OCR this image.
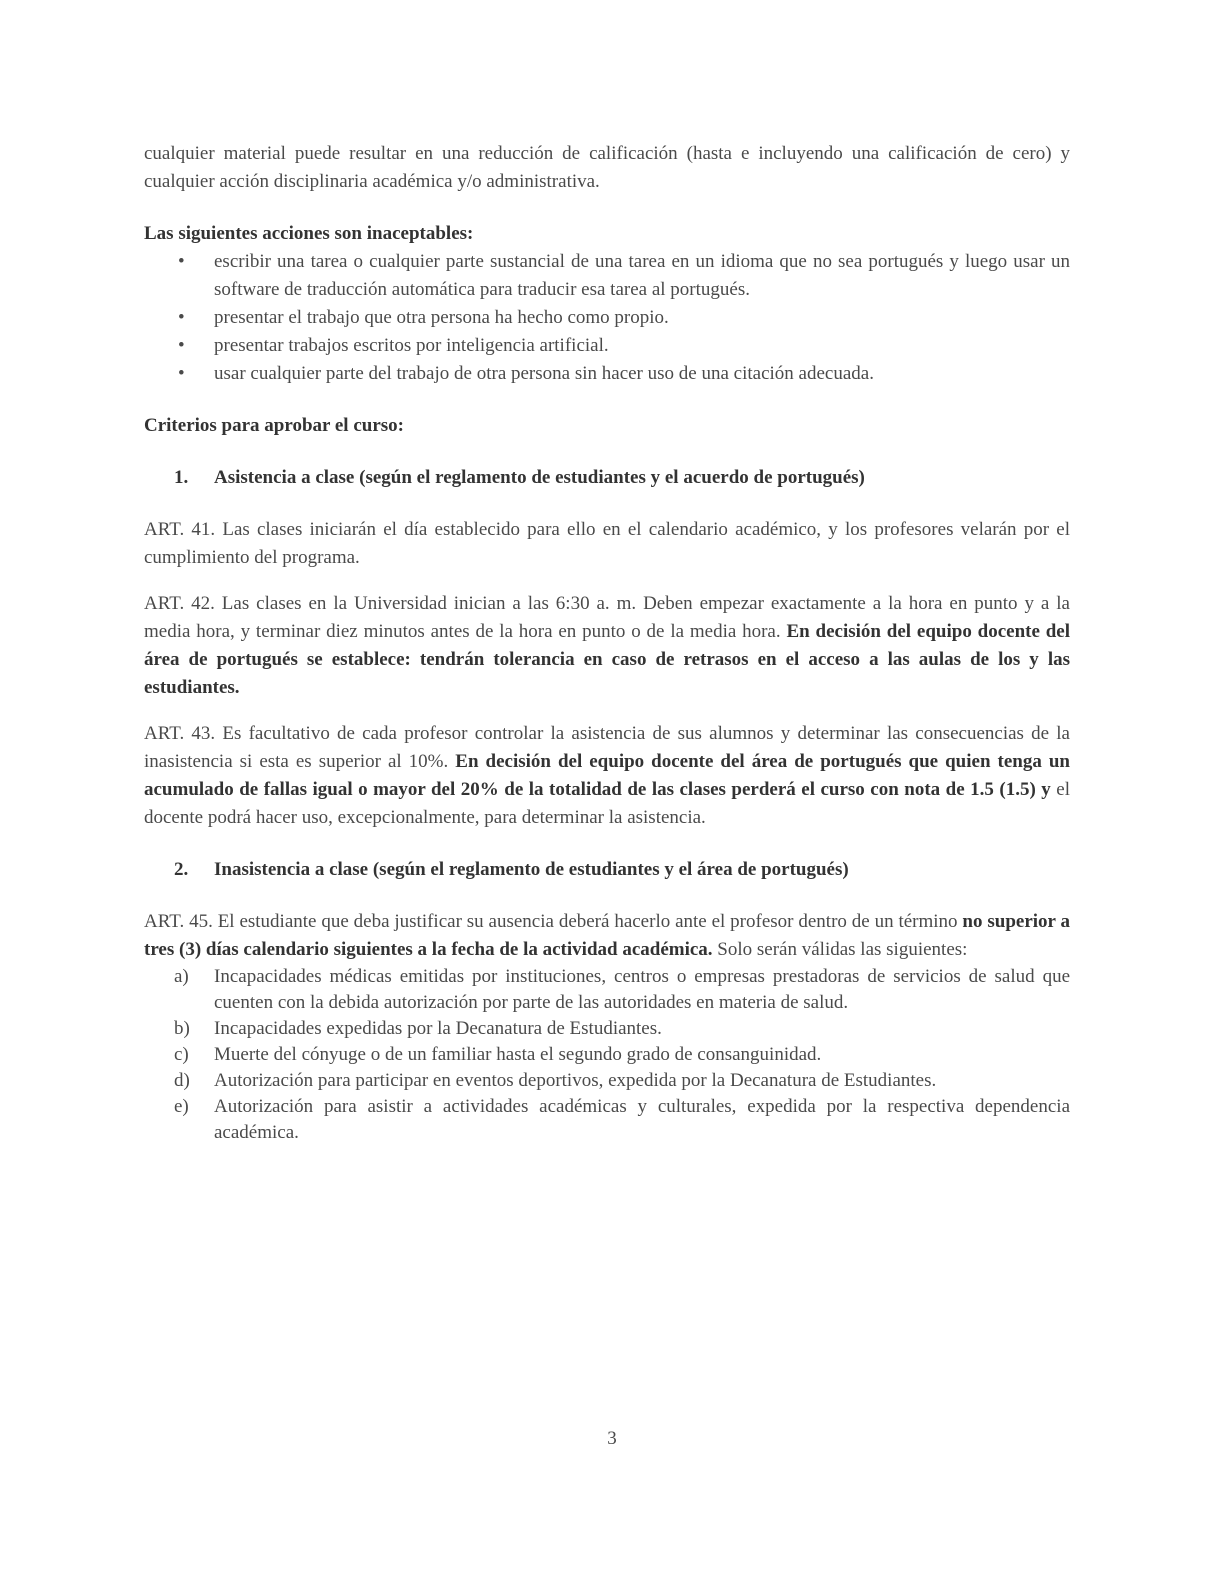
cualquier material puede resultar en una reducción de calificación (hasta e incluyendo una calificación de cero) y cualquier acción disciplinaria académica y/o administrativa.

Las siguientes acciones son inaceptables:

• escribir una tarea o cualquier parte sustancial de una tarea en un idioma que no sea portugués y luego usar un software de traducción automática para traducir esa tarea al portugués.
• presentar el trabajo que otra persona ha hecho como propio.
• presentar trabajos escritos por inteligencia artificial.
• usar cualquier parte del trabajo de otra persona sin hacer uso de una citación adecuada.

Criterios para aprobar el curso:

1. Asistencia a clase (según el reglamento de estudiantes y el acuerdo de portugués)

ART. 41. Las clases iniciarán el día establecido para ello en el calendario académico, y los profesores velarán por el cumplimiento del programa.

ART. 42. Las clases en la Universidad inician a las 6:30 a. m. Deben empezar exactamente a la hora en punto y a la media hora, y terminar diez minutos antes de la hora en punto o de la media hora. En decisión del equipo docente del área de portugués se establece: tendrán tolerancia en caso de retrasos en el acceso a las aulas de los y las estudiantes.

ART. 43. Es facultativo de cada profesor controlar la asistencia de sus alumnos y determinar las consecuencias de la inasistencia si esta es superior al 10%. En decisión del equipo docente del área de portugués que quien tenga un acumulado de fallas igual o mayor del 20% de la totalidad de las clases perderá el curso con nota de 1.5 (1.5) y el docente podrá hacer uso, excepcionalmente, para determinar la asistencia.

2. Inasistencia a clase (según el reglamento de estudiantes y el área de portugués)

ART. 45. El estudiante que deba justificar su ausencia deberá hacerlo ante el profesor dentro de un término no superior a tres (3) días calendario siguientes a la fecha de la actividad académica. Solo serán válidas las siguientes:

a) Incapacidades médicas emitidas por instituciones, centros o empresas prestadoras de servicios de salud que cuenten con la debida autorización por parte de las autoridades en materia de salud.
b) Incapacidades expedidas por la Decanatura de Estudiantes.
c) Muerte del cónyuge o de un familiar hasta el segundo grado de consanguinidad.
d) Autorización para participar en eventos deportivos, expedida por la Decanatura de Estudiantes.
e) Autorización para asistir a actividades académicas y culturales, expedida por la respectiva dependencia académica.
3
